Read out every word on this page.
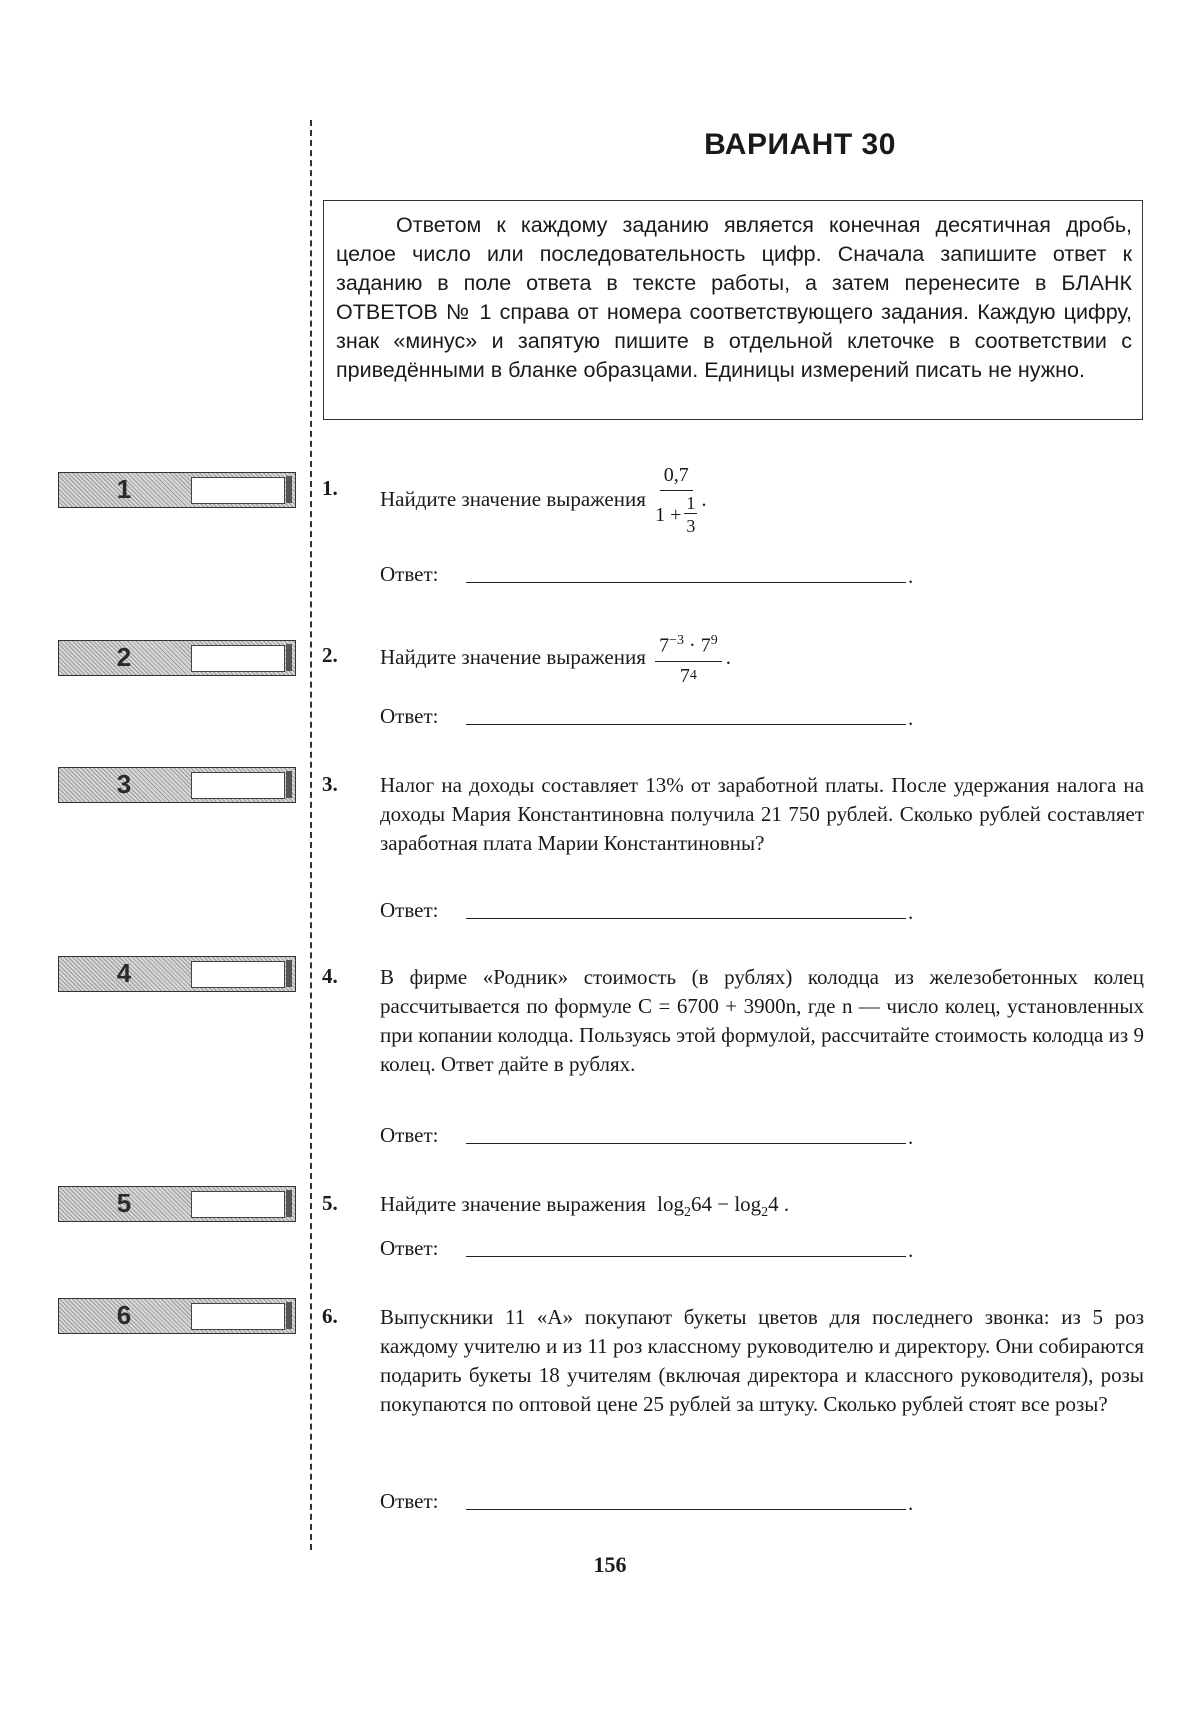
ВАРИАНТ 30
Ответом к каждому заданию является конечная десятичная дробь, целое число или последовательность цифр. Сначала запишите ответ к заданию в поле ответа в тексте работы, а затем перенесите в БЛАНК ОТВЕТОВ № 1 справа от номера соответствующего задания. Каждую цифру, знак «минус» и запятую пишите в отдельной клеточке в соответствии с приведёнными в бланке образцами. Единицы измерений писать не нужно.
1	1. Найдите значение выражения $\frac{0,7}{1 + \frac{1}{3}}$ .
Ответ:	.
2	2. Найдите значение выражения $\frac{7^{-3} \cdot 7^9}{7 4}$ .
Ответ:	.
3	3. Налог на доходы составляет 13% от заработной платы. После удержания налога на доходы Мария Константиновна получила 21 750 рублей. Сколько рублей составляет заработная плата Марии Константиновны?
Ответ:	.
4	4. В фирме «Родник» стоимость (в рублях) колодца из железобетонных колец рассчитывается по формуле C = 6700 + 3900n, где n — число колец, установленных при копании колодца. Пользуясь этой формулой, рассчитайте стоимость колодца из 9 колец. Ответ дайте в рублях.
Ответ:	.
5	5. Найдите значение выражения $\log_264 - \log_24$ .
Ответ:	.
6	6. Выпускники 11 «А» покупают букеты цветов для последнего звонка: из 5 роз каждому учителю и из 11 роз классному руководителю и директору. Они собираются подарить букеты 18 учителям (включая директора и классного руководителя), розы покупаются по оптовой цене 25 рублей за штуку. Сколько рублей стоят все розы?
Ответ:	.
156
